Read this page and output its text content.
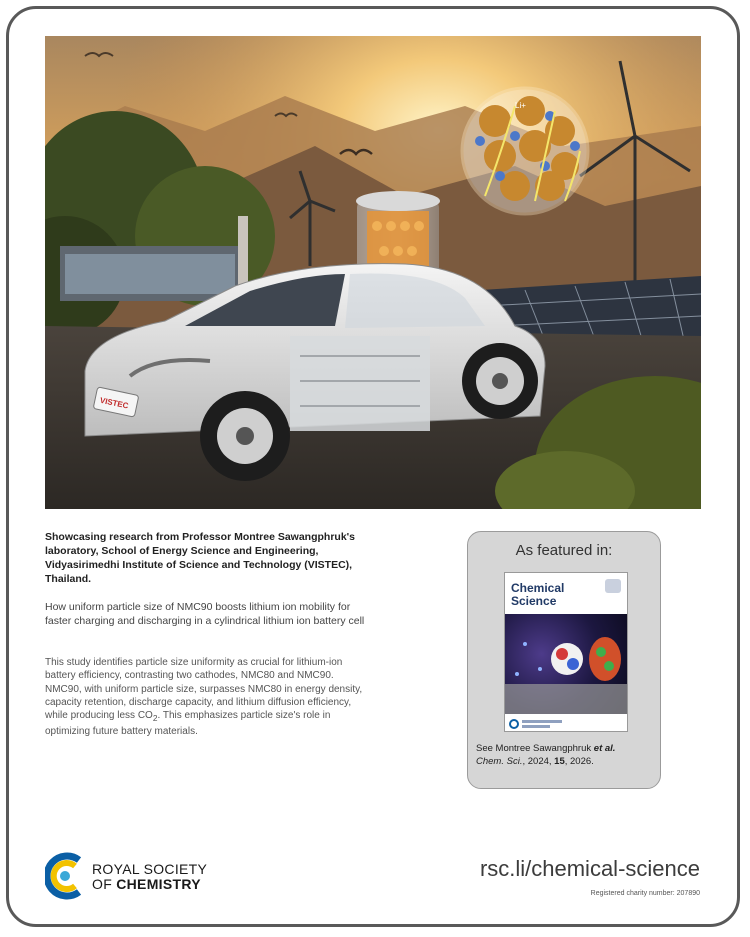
VISTEC
Li+
Showcasing research from Professor Montree Sawangphruk's laboratory, School of Energy Science and Engineering, Vidyasirimedhi Institute of Science and Technology (VISTEC), Thailand.
How uniform particle size of NMC90 boosts lithium ion mobility for faster charging and discharging in a cylindrical lithium ion battery cell
This study identifies particle size uniformity as crucial for lithium-ion battery efficiency, contrasting two cathodes, NMC80 and NMC90. NMC90, with uniform particle size, surpasses NMC80 in energy density, capacity retention, discharge capacity, and lithium diffusion efficiency, while producing less $CO_2$. This emphasizes particle size's role in optimizing future battery materials.
As featured in:
Chemical
Science
See Montree Sawangphruk et al.
Chem. Sci., 2024, 15, 2026.
ROYAL SOCIETY
OF CHEMISTRY
rsc.li/chemical-science
Registered charity number: 207890
